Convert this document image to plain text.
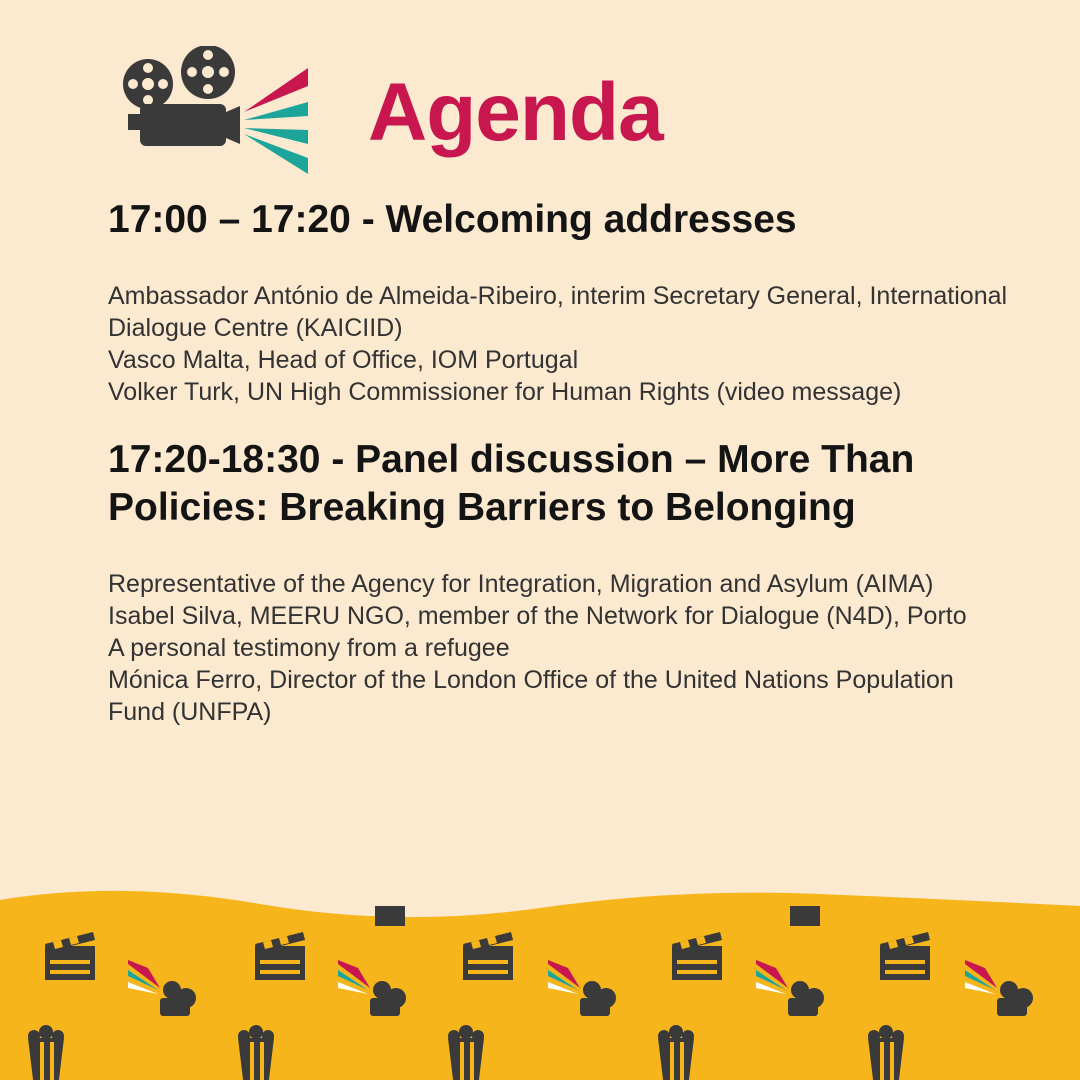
Agenda
17:00 – 17:20 - Welcoming addresses
Ambassador António de Almeida-Ribeiro, interim Secretary General, International Dialogue Centre (KAICIID)
Vasco Malta, Head of Office, IOM Portugal
Volker Turk, UN High Commissioner for Human Rights (video message)
17:20-18:30 - Panel discussion – More Than Policies: Breaking Barriers to Belonging
Representative of the Agency for Integration, Migration and Asylum (AIMA)
Isabel Silva, MEERU NGO, member of the Network for Dialogue (N4D), Porto
A personal testimony from a refugee
Mónica Ferro, Director of the London Office of the United Nations Population Fund (UNFPA)
